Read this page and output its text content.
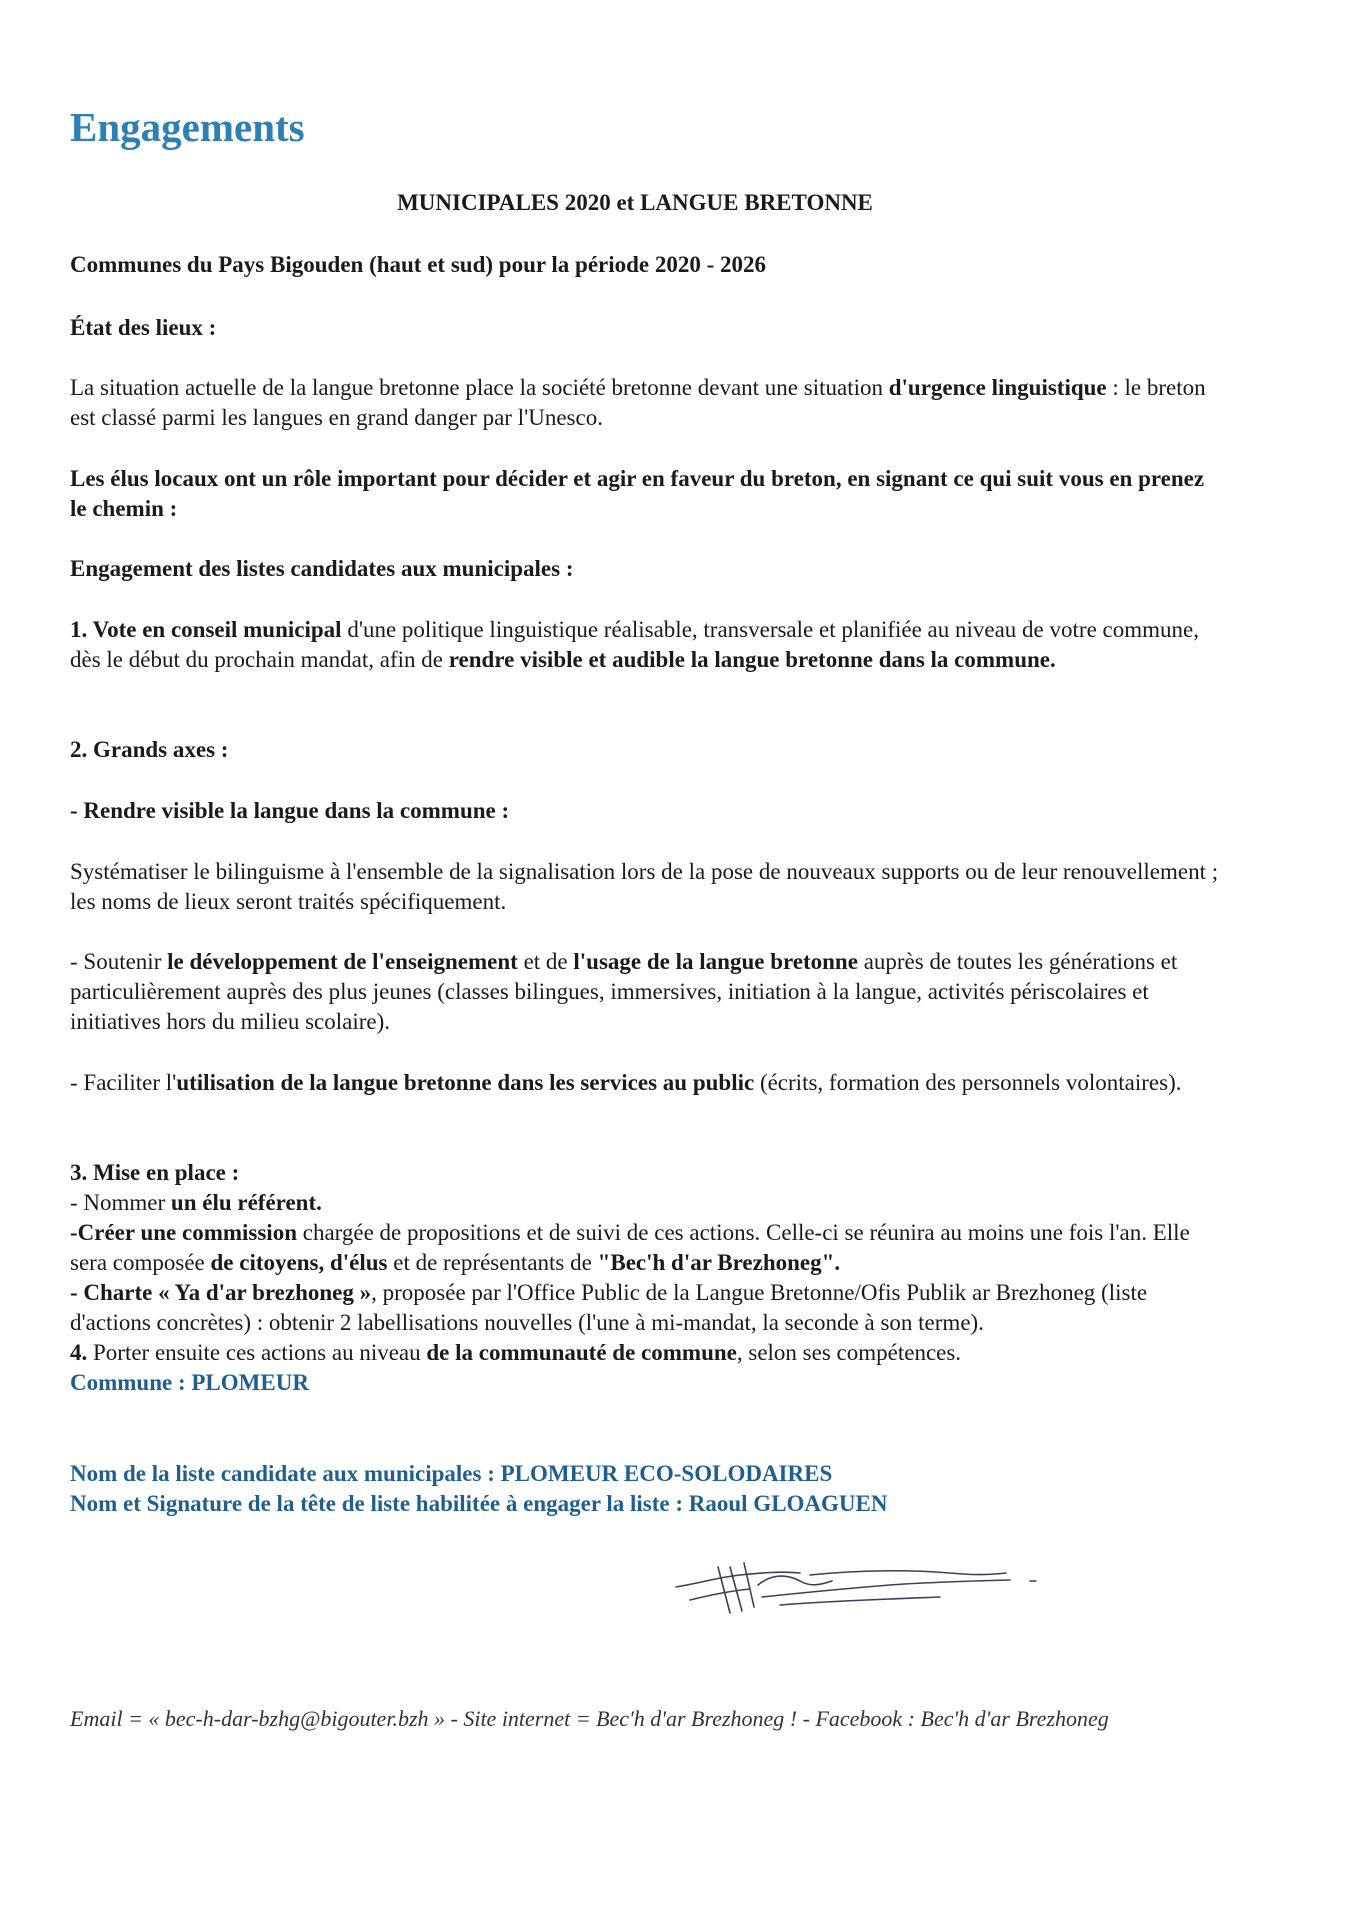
Engagements

MUNICIPALES 2020 et LANGUE BRETONNE

Communes du Pays Bigouden (haut et sud) pour la période 2020 - 2026

État des lieux :

La situation actuelle de la langue bretonne place la société bretonne devant une situation d'urgence linguistique : le breton est classé parmi les langues en grand danger par l'Unesco.

Les élus locaux ont un rôle important pour décider et agir en faveur du breton, en signant ce qui suit vous en prenez le chemin :

Engagement des listes candidates aux municipales :

1. Vote en conseil municipal d'une politique linguistique réalisable, transversale et planifiée au niveau de votre commune, dès le début du prochain mandat, afin de rendre visible et audible la langue bretonne dans la commune.

2. Grands axes :

- Rendre visible la langue dans la commune :

Systématiser le bilinguisme à l'ensemble de la signalisation lors de la pose de nouveaux supports ou de leur renouvellement ; les noms de lieux seront traités spécifiquement.

- Soutenir le développement de l'enseignement et de l'usage de la langue bretonne auprès de toutes les générations et particulièrement auprès des plus jeunes (classes bilingues, immersives, initiation à la langue, activités périscolaires et initiatives hors du milieu scolaire).

- Faciliter l'utilisation de la langue bretonne dans les services au public (écrits, formation des personnels volontaires).

3. Mise en place :
- Nommer un élu référent.
-Créer une commission chargée de propositions et de suivi de ces actions. Celle-ci se réunira au moins une fois l'an. Elle sera composée de citoyens, d'élus et de représentants de "Bec'h d'ar Brezhoneg".
- Charte « Ya d'ar brezhoneg », proposée par l'Office Public de la Langue Bretonne/Ofis Publik ar Brezhoneg (liste d'actions concrètes) : obtenir 2 labellisations nouvelles (l'une à mi-mandat, la seconde à son terme).
4. Porter ensuite ces actions au niveau de la communauté de commune, selon ses compétences.
Commune : PLOMEUR

Nom de la liste candidate aux municipales : PLOMEUR ECO-SOLODAIRES

Nom et Signature de la tête de liste habilitée à engager la liste : Raoul GLOAGUEN

Email = « bec-h-dar-bzhg@bigouter.bzh » - Site internet = Bec'h d'ar Brezhoneg ! - Facebook : Bec'h d'ar Brezhoneg
